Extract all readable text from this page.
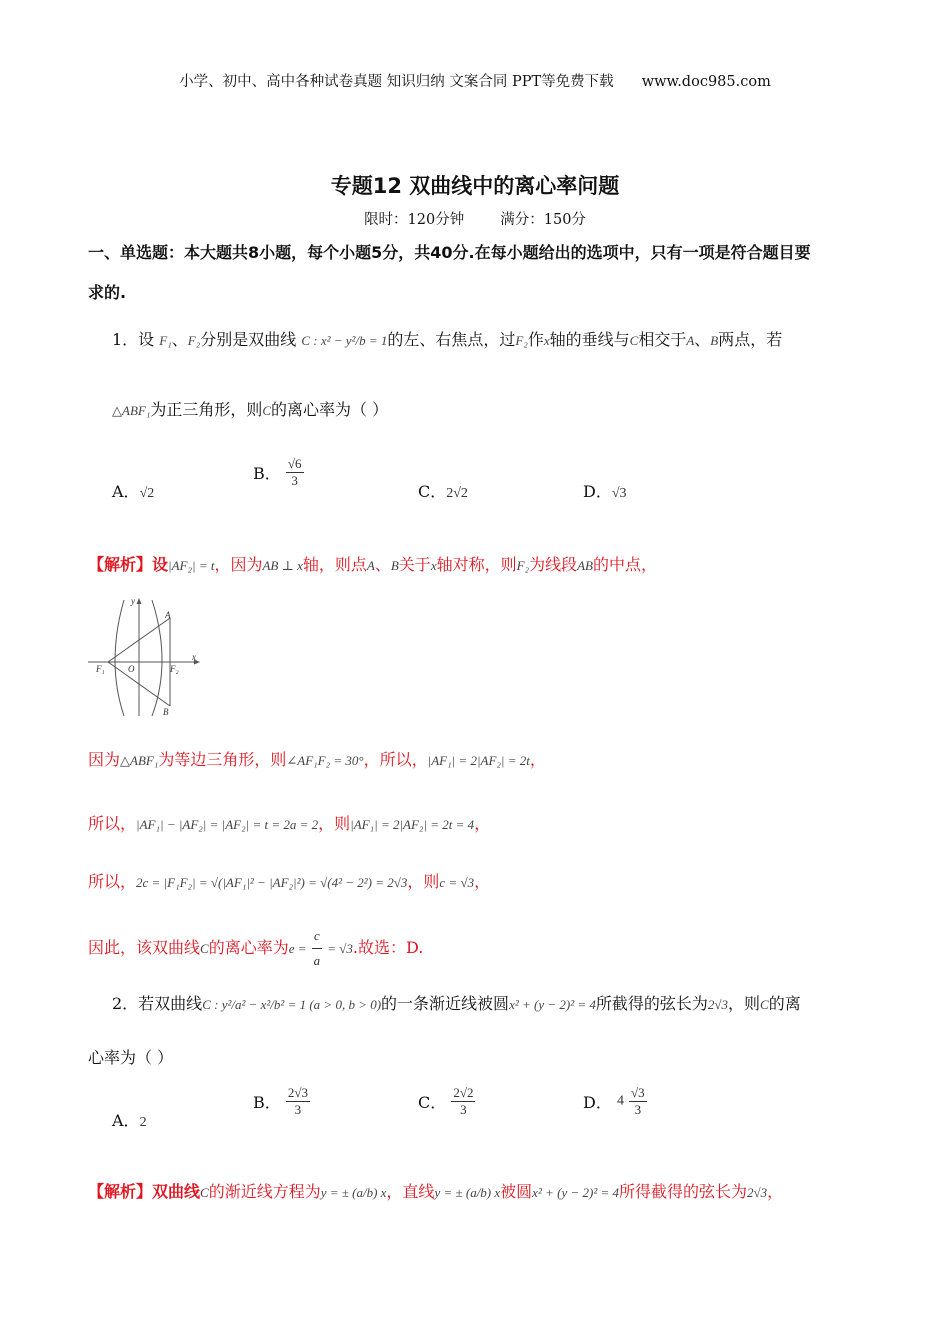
小学、初中、高中各种试卷真题 知识归纳 文案合同 PPT等免费下载 www.doc985.com
专题12 双曲线中的离心率问题
限时：120分钟 满分：150分
一、单选题：本大题共8小题，每个小题5分，共40分.在每小题给出的选项中，只有一项是符合题目要
求的.
1．设 F₁、F₂分别是双曲线 C : x² − y²/b = 1的左、右焦点，过F₂作x轴的垂线与C相交于A、B两点，若
△ABF₁为正三角形，则C的离心率为（ ）
A．√2
B． $\frac{√6}{3}$
C．2√2	D．√3
【解析】设|AF₂| = t，因为AB ⊥ x轴，则点A、B关于x轴对称，则F₂为线段AB的中点，
y
x
A
B
O
F₁	F₂
因为△ABF₁为等边三角形，则∠AF₁F₂ = 30°，所以，|AF₁| = 2|AF₂| = 2t，
所以，|AF₁| − |AF₂| = |AF₂| = t = 2a = 2，则|AF₁| = 2|AF₂| = 2t = 4，
所以，2c = |F₁F₂| = √(|AF₁|² − |AF₂|²) = √(4² − 2²) = 2√3，则c = √3，
因此，该双曲线C的离心率为$e = \frac{c}{a} = √3$.故选：D.
2．若双曲线C : y²/a² − x²/b² = 1 (a > 0, b > 0)的一条渐近线被圆x² + (y − 2)² = 4所截得的弦长为2√3，则C的离
心率为（ ）
A．2
B． $\frac{2√3}{3}$	C． $\frac{2√2}{3}$	D． $4 \frac{√3}{3}$
【解析】双曲线C的渐近线方程为y = ± (a/b) x，直线y = ± (a/b) x被圆x² + (y − 2)² = 4所得截得的弦长为2√3，
